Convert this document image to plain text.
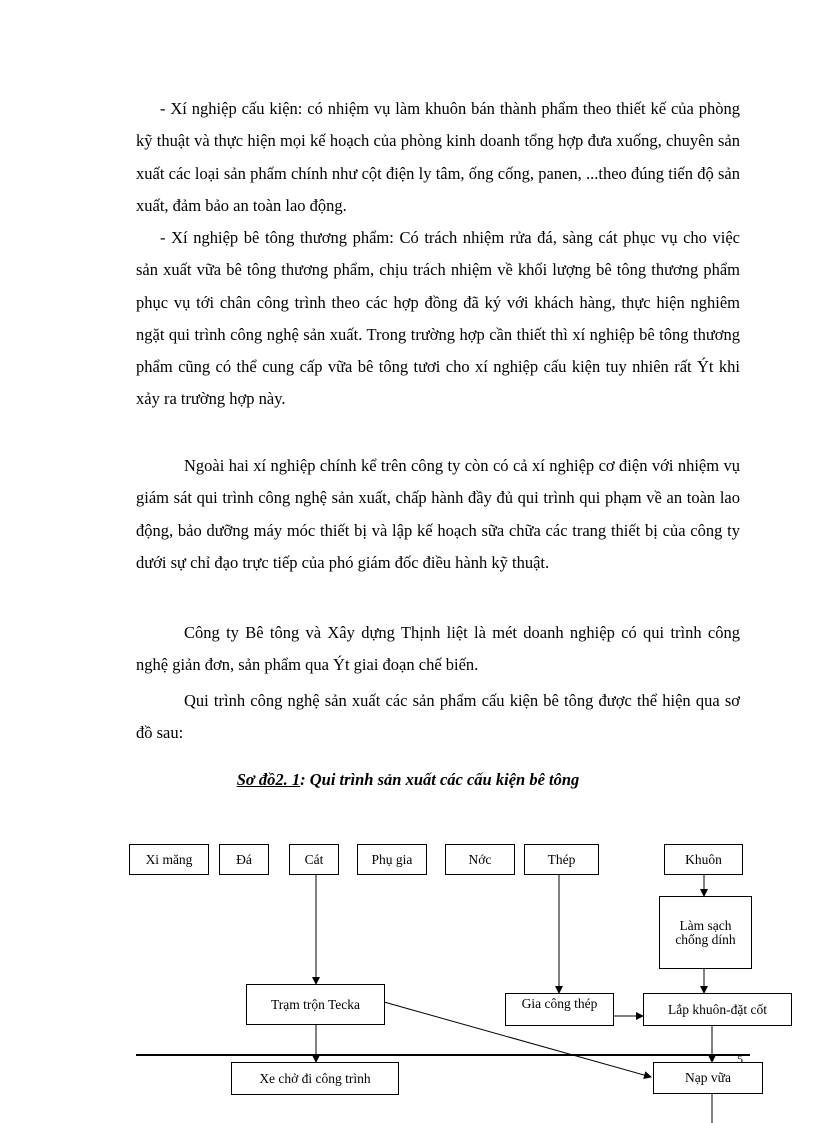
- Xí nghiệp cấu kiện: có nhiệm vụ làm khuôn bán thành phẩm theo thiết kế của phòng kỹ thuật và thực hiện mọi kế hoạch của phòng kinh doanh tổng hợp đưa xuống, chuyên sản xuất các loại sản phẩm chính như cột điện ly tâm, ống cống, panen, ...theo đúng tiến độ sản xuất, đảm bảo an toàn lao động.

- Xí nghiệp bê tông thương phẩm: Có trách nhiệm rửa đá, sàng cát phục vụ cho việc sản xuất vữa bê tông thương phẩm, chịu trách nhiệm về khối lượng bê tông thương phẩm phục vụ tới chân công trình theo các hợp đồng đã ký với khách hàng, thực hiện nghiêm ngặt qui trình công nghệ sản xuất. Trong trường hợp cần thiết thì xí nghiệp bê tông thương phẩm cũng có thể cung cấp vữa bê tông tươi cho xí nghiệp cấu kiện tuy nhiên rất Ýt khi xảy ra trường hợp này.

Ngoài hai xí nghiệp chính kể trên công ty còn có cả xí nghiệp cơ điện với nhiệm vụ giám sát qui trình công nghệ sản xuất, chấp hành đầy đủ qui trình qui phạm về an toàn lao động, bảo dưỡng máy móc thiết bị và lập kế hoạch sữa chữa các trang thiết bị của công ty dưới sự chỉ đạo trực tiếp của phó giám đốc điều hành kỹ thuật.

Công ty Bê tông và Xây dựng Thịnh liệt là mét doanh nghiệp có qui trình công nghệ giản đơn, sản phẩm qua Ýt giai đoạn chế biến.

Qui trình công nghệ sản xuất các sản phẩm cấu kiện bê tông được thể hiện qua sơ đồ sau:

Sơ đồ2. 1: Qui trình sản xuất các cấu kiện bê tông
Xi măng	Đá	Cát	Phụ gia	Nớc	Thép	Khuôn
Làm sạch chống dính
Trạm trộn Tecka	Gia công thép	Lắp khuôn-đặt cốt
Xe chở đi công trình	Nạp vữa
5
